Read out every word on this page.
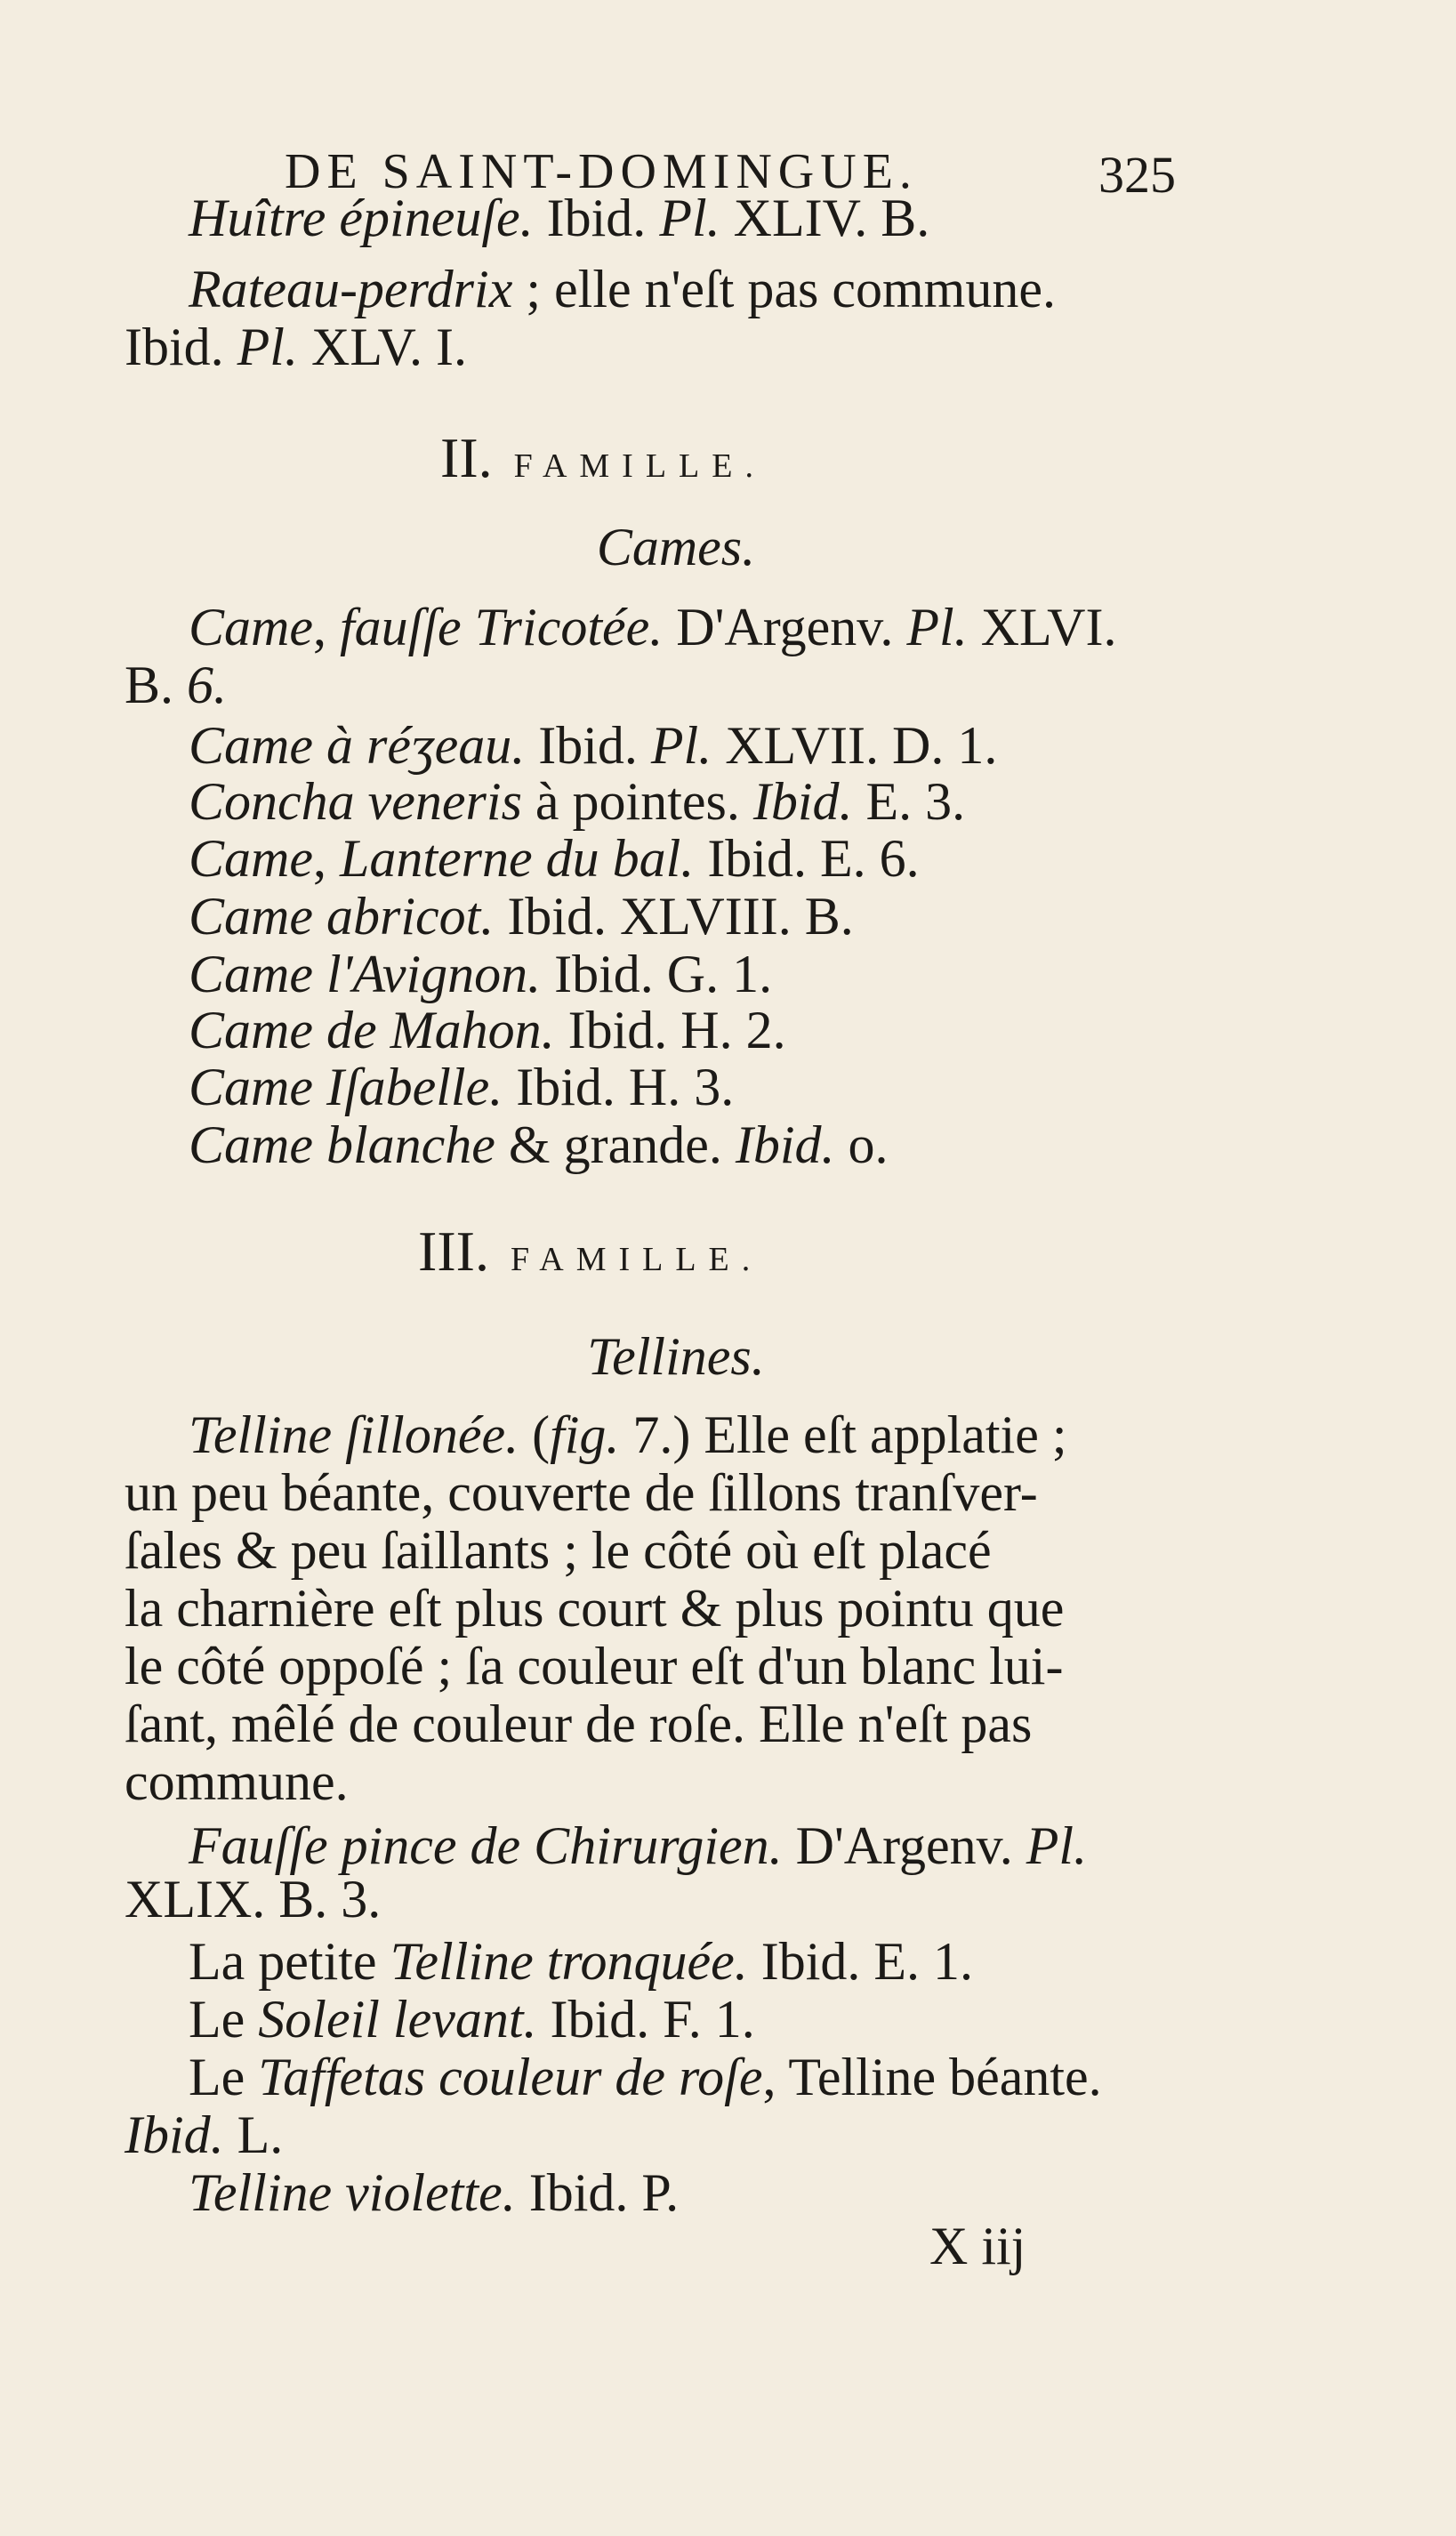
DE SAINT-DOMINGUE.	325
Huître épineuſe. Ibid. Pl. XLIV. B.
Rateau-perdrix ; elle n'eſt pas commune.
Ibid. Pl. XLV. I.
II. FAMILLE.
Cames.
Came, fauſſe Tricotée. D'Argenv. Pl. XLVI.
B. 6.
Came à réʒeau. Ibid. Pl. XLVII. D. 1.
Concha veneris à pointes. Ibid. E. 3.
Came, Lanterne du bal. Ibid. E. 6.
Came abricot. Ibid. XLVIII. B.
Came l'Avignon. Ibid. G. 1.
Came de Mahon. Ibid. H. 2.
Came Iſabelle. Ibid. H. 3.
Came blanche & grande. Ibid. o.
III. FAMILLE.
Tellines.
Telline ſillonée. (fig. 7.) Elle eſt applatie ;
un peu béante, couverte de ſillons tranſver-
ſales & peu ſaillants ; le côté où eſt placé
la charnière eſt plus court & plus pointu que
le côté oppoſé ; ſa couleur eſt d'un blanc lui-
ſant, mêlé de couleur de roſe. Elle n'eſt pas
commune.
Fauſſe pince de Chirurgien. D'Argenv. Pl.
XLIX. B. 3.
La petite Telline tronquée. Ibid. E. 1.
Le Soleil levant. Ibid. F. 1.
Le Taffetas couleur de roſe, Telline béante.
Ibid. L.
Telline violette. Ibid. P.
X iij
